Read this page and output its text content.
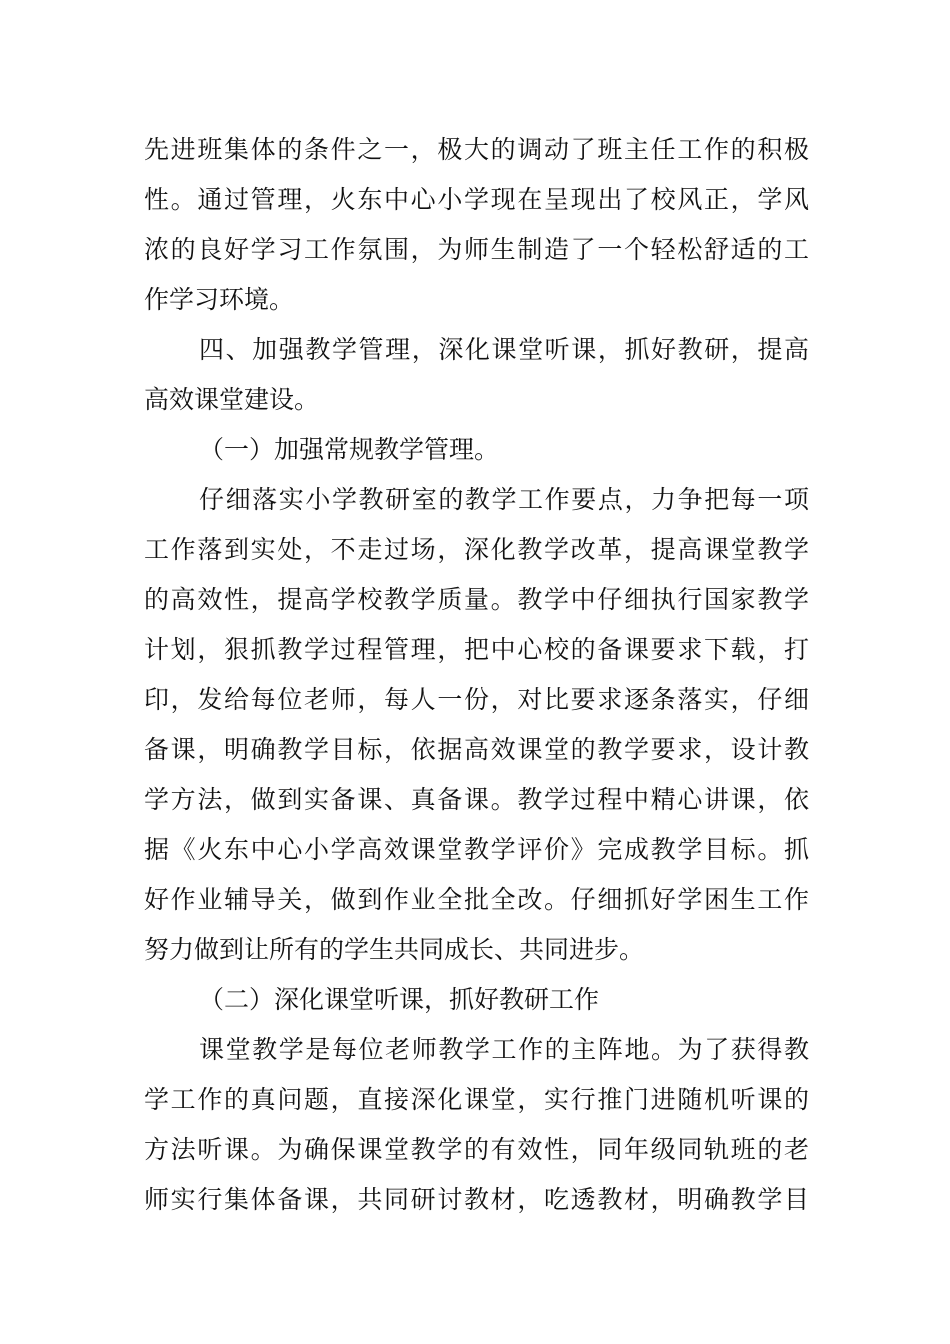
先进班集体的条件之一，极大的调动了班主任工作的积极
性。通过管理，火东中心小学现在呈现出了校风正，学风
浓的良好学习工作氛围，为师生制造了一个轻松舒适的工
作学习环境。
四、加强教学管理，深化课堂听课，抓好教研，提高
高效课堂建设。
（一）加强常规教学管理。
仔细落实小学教研室的教学工作要点，力争把每一项
工作落到实处，不走过场，深化教学改革，提高课堂教学
的高效性，提高学校教学质量。教学中仔细执行国家教学
计划，狠抓教学过程管理，把中心校的备课要求下载，打
印，发给每位老师，每人一份，对比要求逐条落实，仔细
备课，明确教学目标，依据高效课堂的教学要求，设计教
学方法，做到实备课、真备课。教学过程中精心讲课，依
据《火东中心小学高效课堂教学评价》完成教学目标。抓
好作业辅导关，做到作业全批全改。仔细抓好学困生工作
努力做到让所有的学生共同成长、共同进步。
（二）深化课堂听课，抓好教研工作
课堂教学是每位老师教学工作的主阵地。为了获得教
学工作的真问题，直接深化课堂，实行推门进随机听课的
方法听课。为确保课堂教学的有效性，同年级同轨班的老
师实行集体备课，共同研讨教材，吃透教材，明确教学目
